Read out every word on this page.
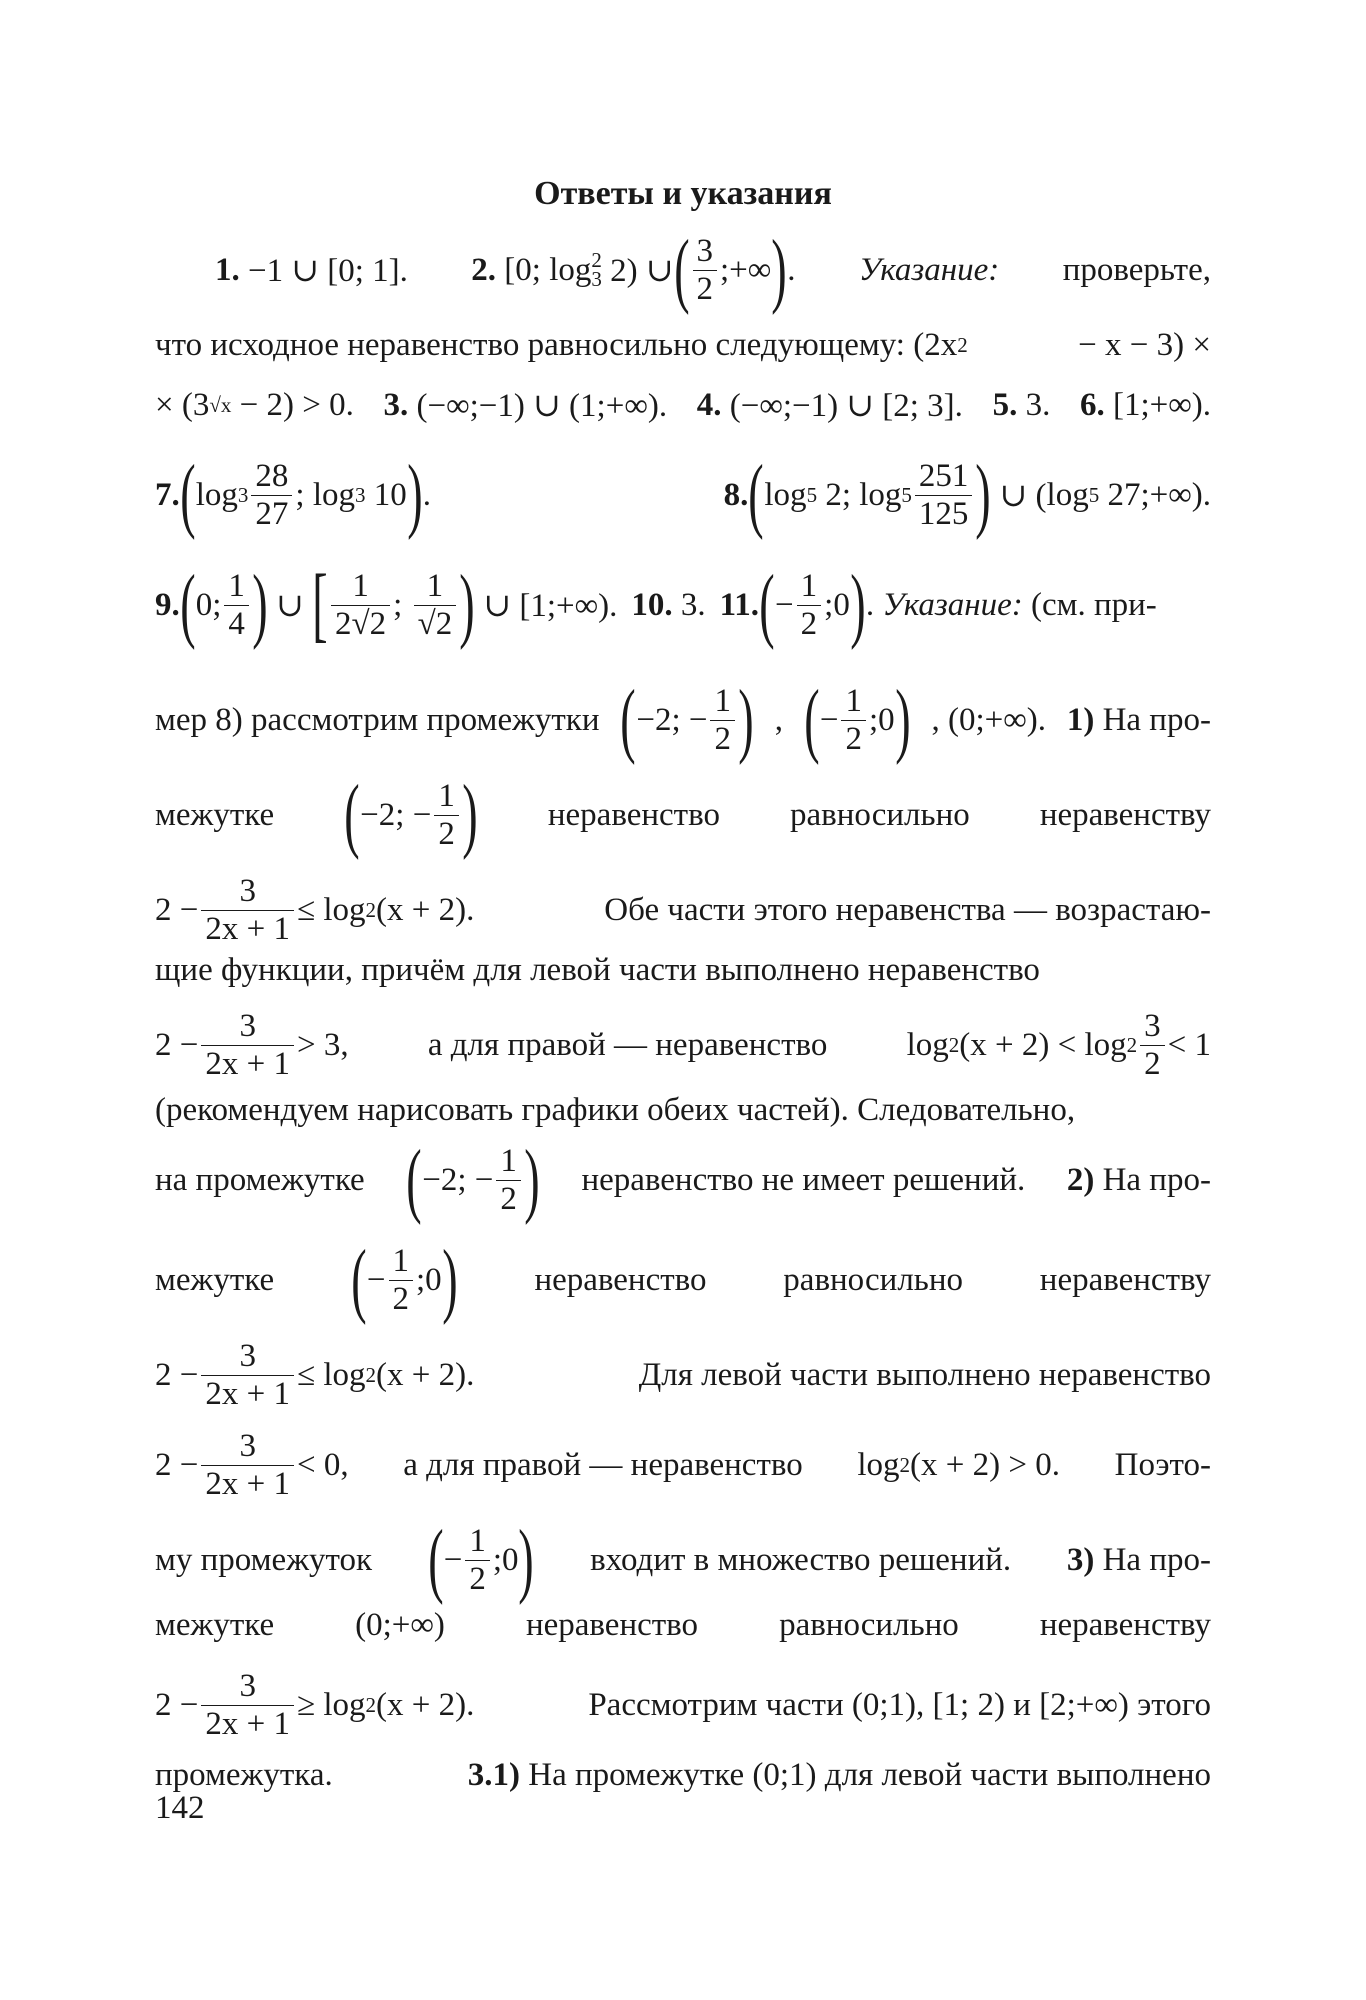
Ответы и указания
1.
−1 ∪ [0; 1]. 2.
[0; log 2
3
2) ∪ ( $\frac{3}{2}$ ;+∞ ) . Указание: проверьте,
что исходное неравенство равносильно следующему: (2x 2	− x − 3) ×
× (3 √x
− 2) > 0. 3.
(−∞;−1) ∪ (1;+∞). 4.
(−∞;−1) ∪ [2; 3]. 5.
3. 6.
[1;+∞).
7. ( $\log 3 \frac{28}{27}$ ; log 3
10 ) .	8. ( log 5
2; $\log 5 \frac{251}{125}$ ) ∪ ( log 5
27;+∞).
9. ( 0; $\frac{1}{4}$ ) ∪ [ $\frac{1}{2√2}$ ; $\frac{1}{√2}$ )
∪ [1;+∞). 10.
3. 11. ( − $\frac{1}{2}$ ;0 ) . Указание:
(см. при-
мер 8) рассмотрим промежутки ( −2; − $\frac{1}{2}$ ) , ( − $\frac{1}{2}$ ;0 ) , (0;+∞). 1)
На про-
межутке ( −2; − $\frac{1}{2}$ ) неравенство равносильно неравенству
$2 - \frac{3}{2x + 1} \le \log 2$ (x + 2).	Обе части этого неравенства — возрастаю-
щие функции, причём для левой части выполнено неравенство
$2 - \frac{3}{2x + 1} > 3$, а для правой — неравенство log 2 $(x + 2) < \log 2 \frac{3}{2} < 1$
(рекомендуем нарисовать графики обеих частей). Следовательно,
на промежутке ( −2; − $\frac{1}{2}$ ) неравенство не имеет решений. 2)
На про-
межутке ( − $\frac{1}{2}$ ;0 ) неравенство равносильно неравенству
$2 - \frac{3}{2x + 1} \le \log 2$ (x + 2).	Для левой части выполнено неравенство
$2 - \frac{3}{2x + 1} < 0$, а для правой — неравенство log 2 (x + 2) > 0. Поэто-
му промежуток ( − $\frac{1}{2}$ ;0 ) входит в множество решений. 3)
На про-
межутке (0;+∞) неравенство равносильно неравенству
$2 - \frac{3}{2x + 1} \ge \log 2$ (x + 2).	Рассмотрим части (0;1), [1; 2) и [2;+∞) этого
промежутка.	3.1)
На промежутке (0;1) для левой части выполнено
142
